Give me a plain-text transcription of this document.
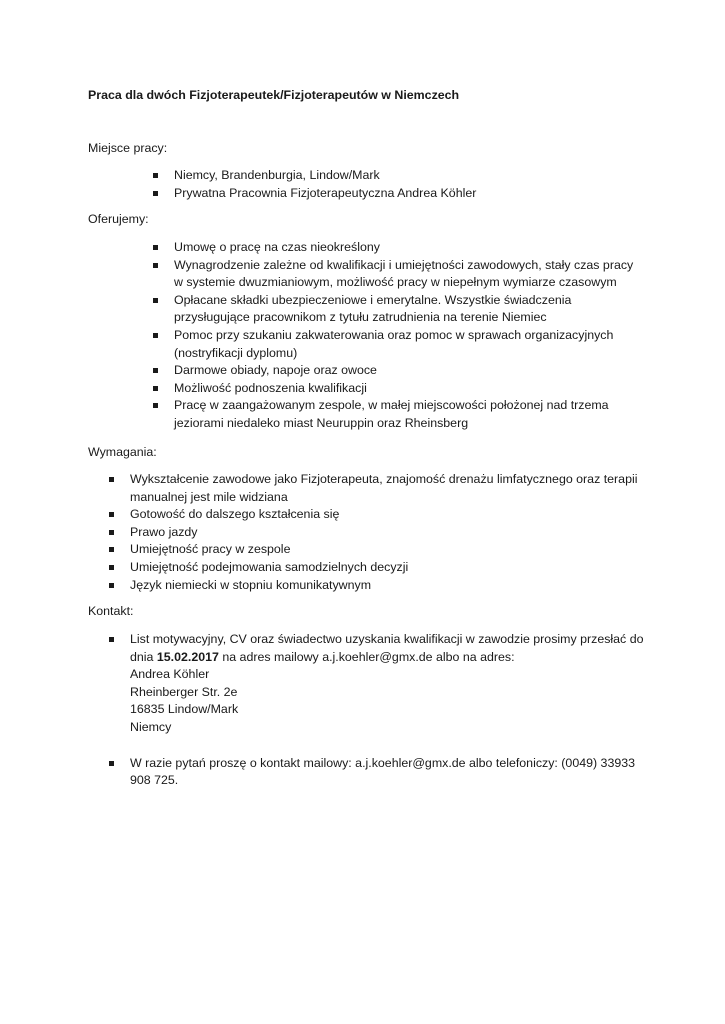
Praca dla dwóch Fizjoterapeutek/Fizjoterapeutów w Niemczech

Miejsce pracy:

Niemcy, Brandenburgia, Lindow/Mark
Prywatna Pracownia Fizjoterapeutyczna Andrea Köhler

Oferujemy:

Umowę o pracę na czas nieokreślony
Wynagrodzenie zależne od kwalifikacji i umiejętności zawodowych, stały czas pracy w systemie dwuzmianiowym, możliwość pracy w niepełnym wymiarze czasowym
Opłacane składki ubezpieczeniowe i emerytalne. Wszystkie świadczenia przysługujące pracownikom z tytułu zatrudnienia na terenie Niemiec
Pomoc przy szukaniu zakwaterowania oraz pomoc w sprawach organizacyjnych (nostryfikacji dyplomu)
Darmowe obiady, napoje oraz owoce
Możliwość podnoszenia kwalifikacji
Pracę w zaangażowanym zespole, w małej miejscowości położonej nad trzema jeziorami niedaleko miast Neuruppin oraz Rheinsberg

Wymagania:

Wykształcenie zawodowe jako Fizjoterapeuta, znajomość drenażu limfatycznego oraz terapii manualnej jest mile widziana
Gotowość do dalszego kształcenia się
Prawo jazdy
Umiejętność pracy w zespole
Umiejętność podejmowania samodzielnych decyzji
Język niemiecki w stopniu komunikatywnym

Kontakt:

List motywacyjny, CV oraz świadectwo uzyskania kwalifikacji w zawodzie prosimy przesłać do dnia 15.02.2017 na adres mailowy a.j.koehler@gmx.de albo na adres:
Andrea Köhler
Rheinberger Str. 2e
16835 Lindow/Mark
Niemcy
W razie pytań proszę o kontakt mailowy: a.j.koehler@gmx.de albo telefoniczy: (0049) 33933 908 725.
